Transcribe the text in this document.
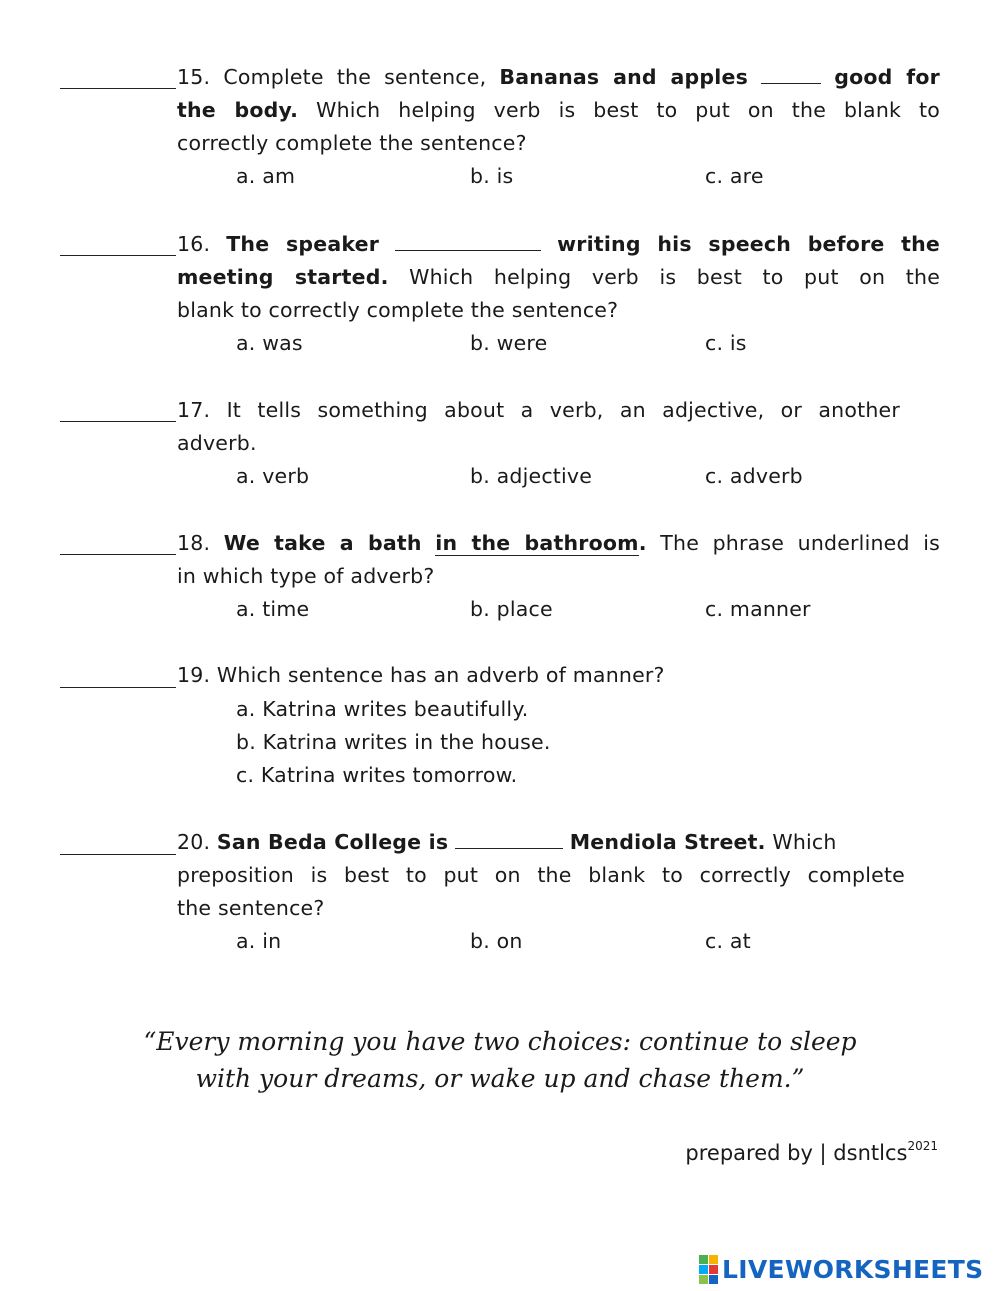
15. Complete the sentence, Bananas and apples	good for
the body. Which helping verb is best to put on the blank to
correctly complete the sentence?
a. am	b. is	c. are
16. The speaker	writing his speech before the
meeting started. Which helping verb is best to put on the
blank to correctly complete the sentence?
a. was	b. were	c. is
17. It tells something about a verb, an adjective, or another
adverb.
a. verb	b. adjective	c. adverb
18. We take a bath in the bathroom. The phrase underlined is
in which type of adverb?
a. time	b. place	c. manner
19. Which sentence has an adverb of manner?
a. Katrina writes beautifully.
b. Katrina writes in the house.
c. Katrina writes tomorrow.
20. San Beda College is	Mendiola Street. Which
preposition is best to put on the blank to correctly complete
the sentence?
a. in	b. on	c. at
“Every morning you have two choices: continue to sleep
with your dreams, or wake up and chase them.”
prepared by | dsntlcs$^{2021}$
LIVEWORKSHEETS
